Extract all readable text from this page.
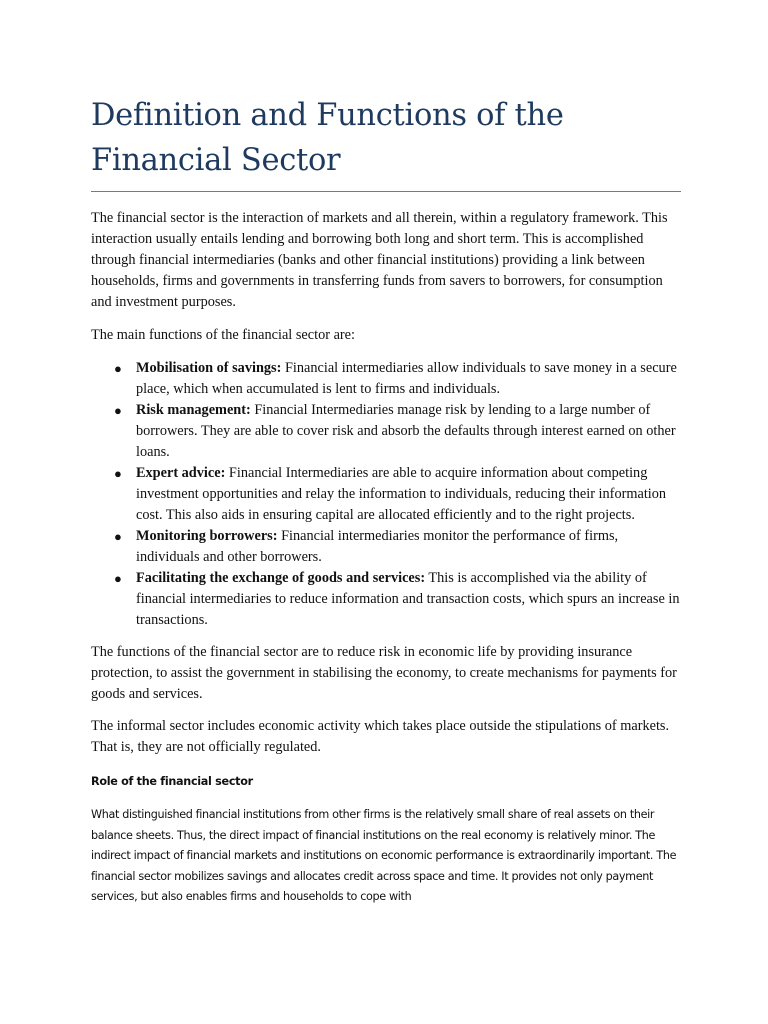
Definition and Functions of the Financial Sector

The financial sector is the interaction of markets and all therein, within a regulatory framework. This interaction usually entails lending and borrowing both long and short term. This is accomplished through financial intermediaries (banks and other financial institutions) providing a link between households, firms and governments in transferring funds from savers to borrowers, for consumption and investment purposes.

The main functions of the financial sector are:

● Mobilisation of savings: Financial intermediaries allow individuals to save money in a secure place, which when accumulated is lent to firms and individuals.
● Risk management: Financial Intermediaries manage risk by lending to a large number of borrowers. They are able to cover risk and absorb the defaults through interest earned on other loans.
● Expert advice: Financial Intermediaries are able to acquire information about competing investment opportunities and relay the information to individuals, reducing their information cost. This also aids in ensuring capital are allocated efficiently and to the right projects.
● Monitoring borrowers: Financial intermediaries monitor the performance of firms, individuals and other borrowers.
● Facilitating the exchange of goods and services: This is accomplished via the ability of financial intermediaries to reduce information and transaction costs, which spurs an increase in transactions.

The functions of the financial sector are to reduce risk in economic life by providing insurance protection, to assist the government in stabilising the economy, to create mechanisms for payments for goods and services.

The informal sector includes economic activity which takes place outside the stipulations of markets. That is, they are not officially regulated.

Role of the financial sector

What distinguished financial institutions from other firms is the relatively small share of real assets on their balance sheets. Thus, the direct impact of financial institutions on the real economy is relatively minor. The indirect impact of financial markets and institutions on economic performance is extraordinarily important. The financial sector mobilizes savings and allocates credit across space and time. It provides not only payment services, but also enables firms and households to cope with
